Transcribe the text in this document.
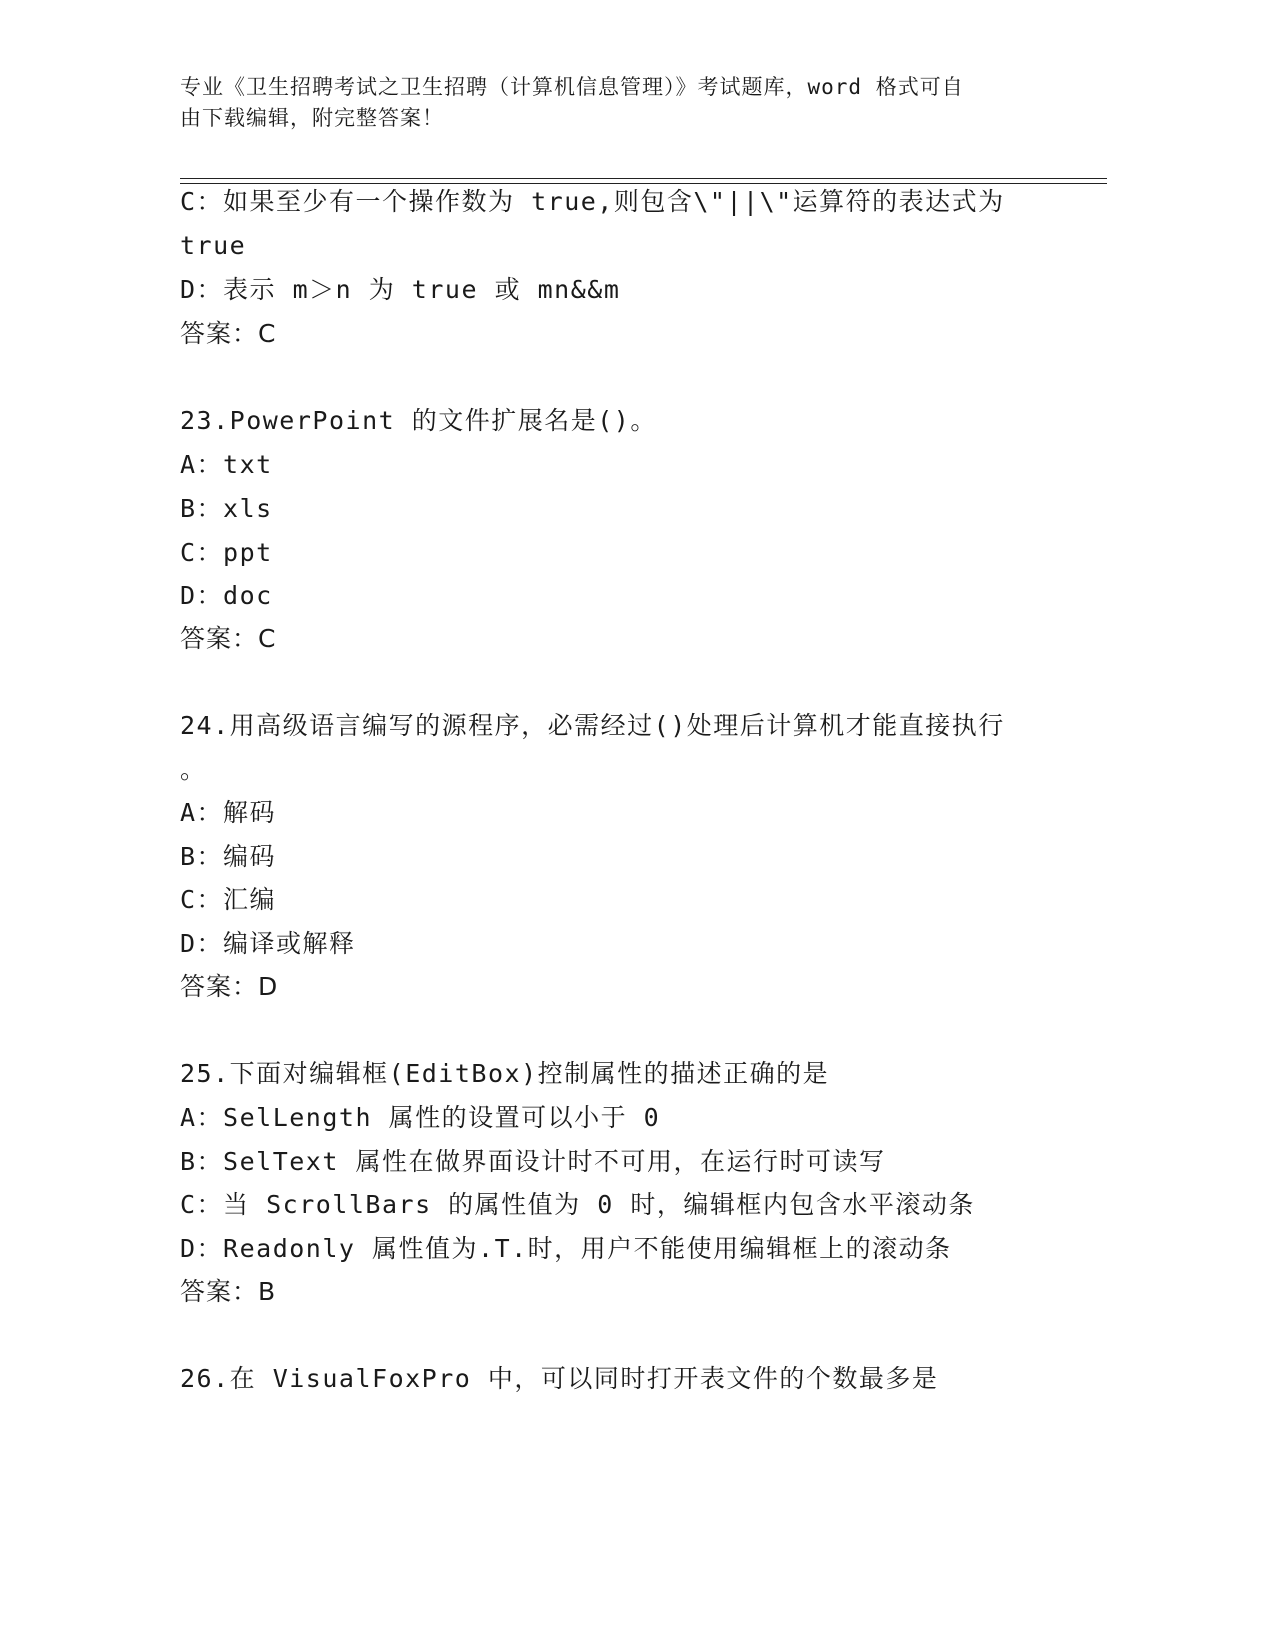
专业《卫生招聘考试之卫生招聘（计算机信息管理）》考试题库，word 格式可自
由下载编辑，附完整答案！
C：如果至少有一个操作数为 true,则包含\"||\"运算符的表达式为
true
D：表示 m＞n 为 true 或 mn&&m
答案：C
23.PowerPoint 的文件扩展名是()。
A：txt
B：xls
C：ppt
D：doc
答案：C
24.用高级语言编写的源程序，必需经过()处理后计算机才能直接执行
。
A：解码
B：编码
C：汇编
D：编译或解释
答案：D
25.下面对编辑框(EditBox)控制属性的描述正确的是
A：SelLength 属性的设置可以小于 0
B：SelText 属性在做界面设计时不可用，在运行时可读写
C：当 ScrollBars 的属性值为 0 时，编辑框内包含水平滚动条
D：Readonly 属性值为.T.时，用户不能使用编辑框上的滚动条
答案：B
26.在 VisualFoxPro 中，可以同时打开表文件的个数最多是
